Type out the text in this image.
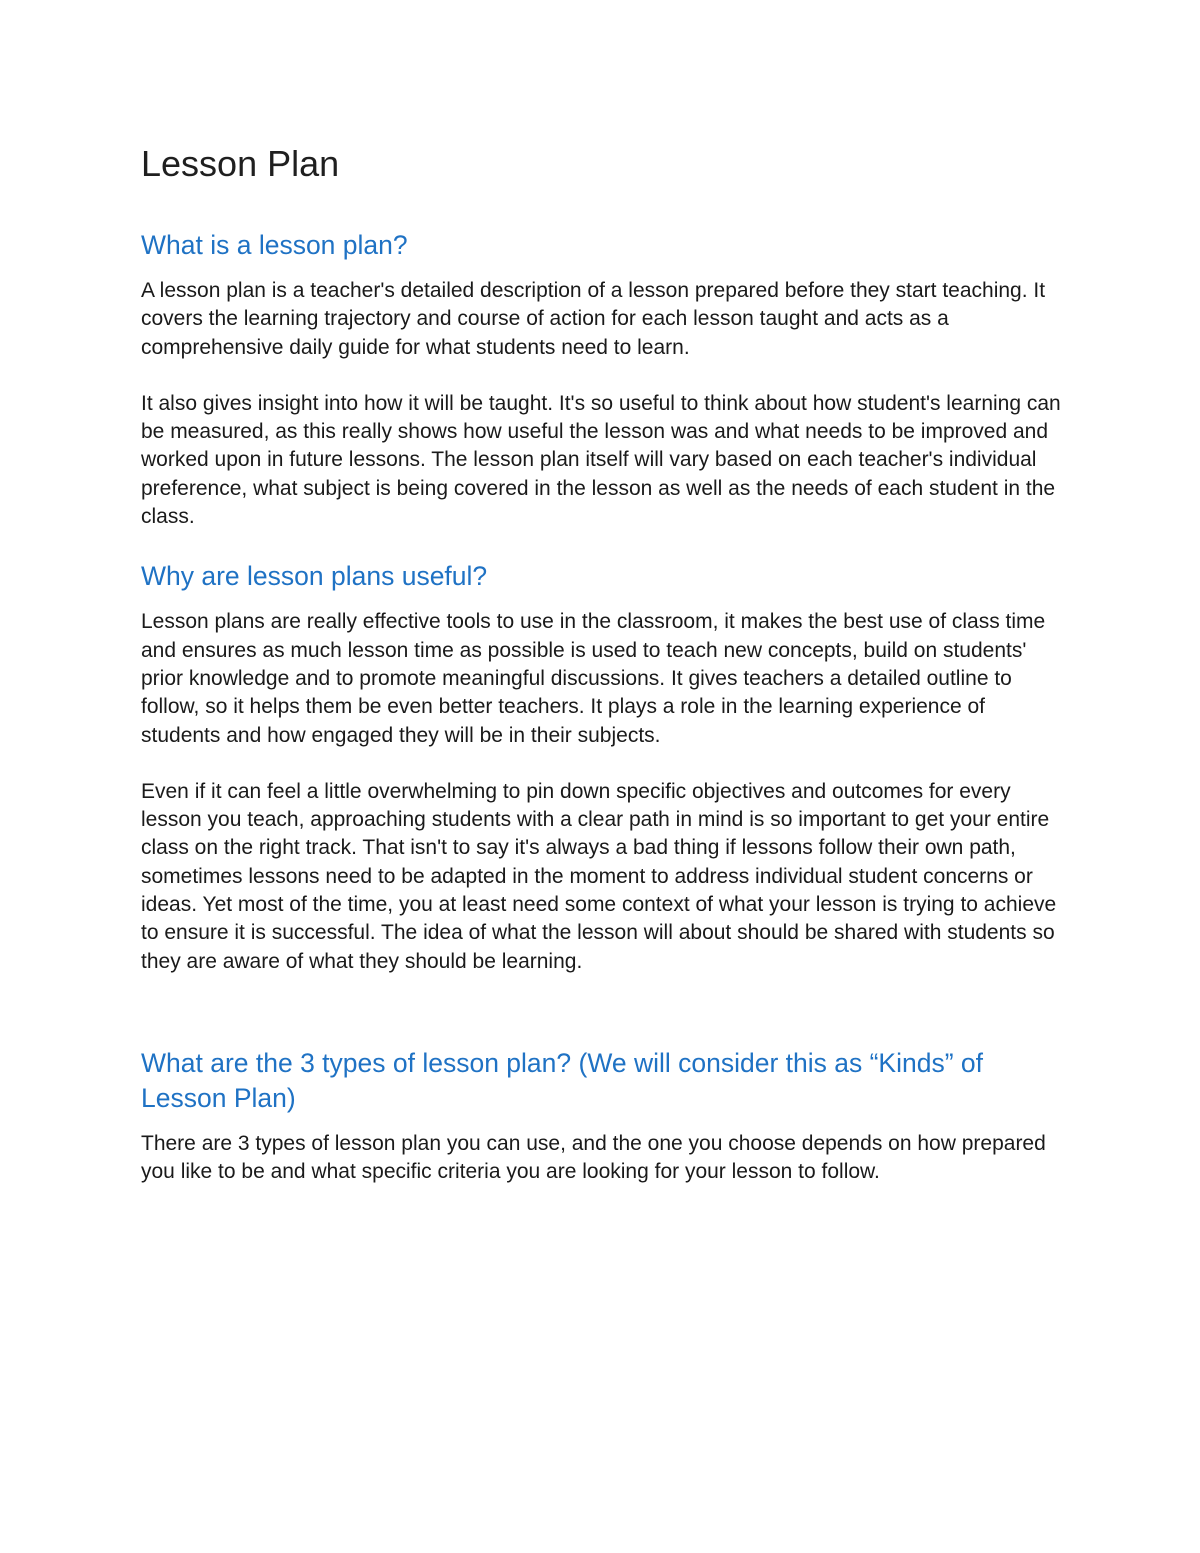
Lesson Plan
What is a lesson plan?

A lesson plan is a teacher's detailed description of a lesson prepared before they start teaching. It covers the learning trajectory and course of action for each lesson taught and acts as a comprehensive daily guide for what students need to learn.

It also gives insight into how it will be taught. It's so useful to think about how student's learning can be measured, as this really shows how useful the lesson was and what needs to be improved and worked upon in future lessons. The lesson plan itself will vary based on each teacher's individual preference, what subject is being covered in the lesson as well as the needs of each student in the class.

Why are lesson plans useful?

Lesson plans are really effective tools to use in the classroom, it makes the best use of class time and ensures as much lesson time as possible is used to teach new concepts, build on students' prior knowledge and to promote meaningful discussions. It gives teachers a detailed outline to follow, so it helps them be even better teachers. It plays a role in the learning experience of students and how engaged they will be in their subjects.

Even if it can feel a little overwhelming to pin down specific objectives and outcomes for every lesson you teach, approaching students with a clear path in mind is so important to get your entire class on the right track. That isn't to say it's always a bad thing if lessons follow their own path, sometimes lessons need to be adapted in the moment to address individual student concerns or ideas. Yet most of the time, you at least need some context of what your lesson is trying to achieve to ensure it is successful. The idea of what the lesson will about should be shared with students so they are aware of what they should be learning.

What are the 3 types of lesson plan? (We will consider this as “Kinds” of Lesson Plan)

There are 3 types of lesson plan you can use, and the one you choose depends on how prepared you like to be and what specific criteria you are looking for your lesson to follow.
